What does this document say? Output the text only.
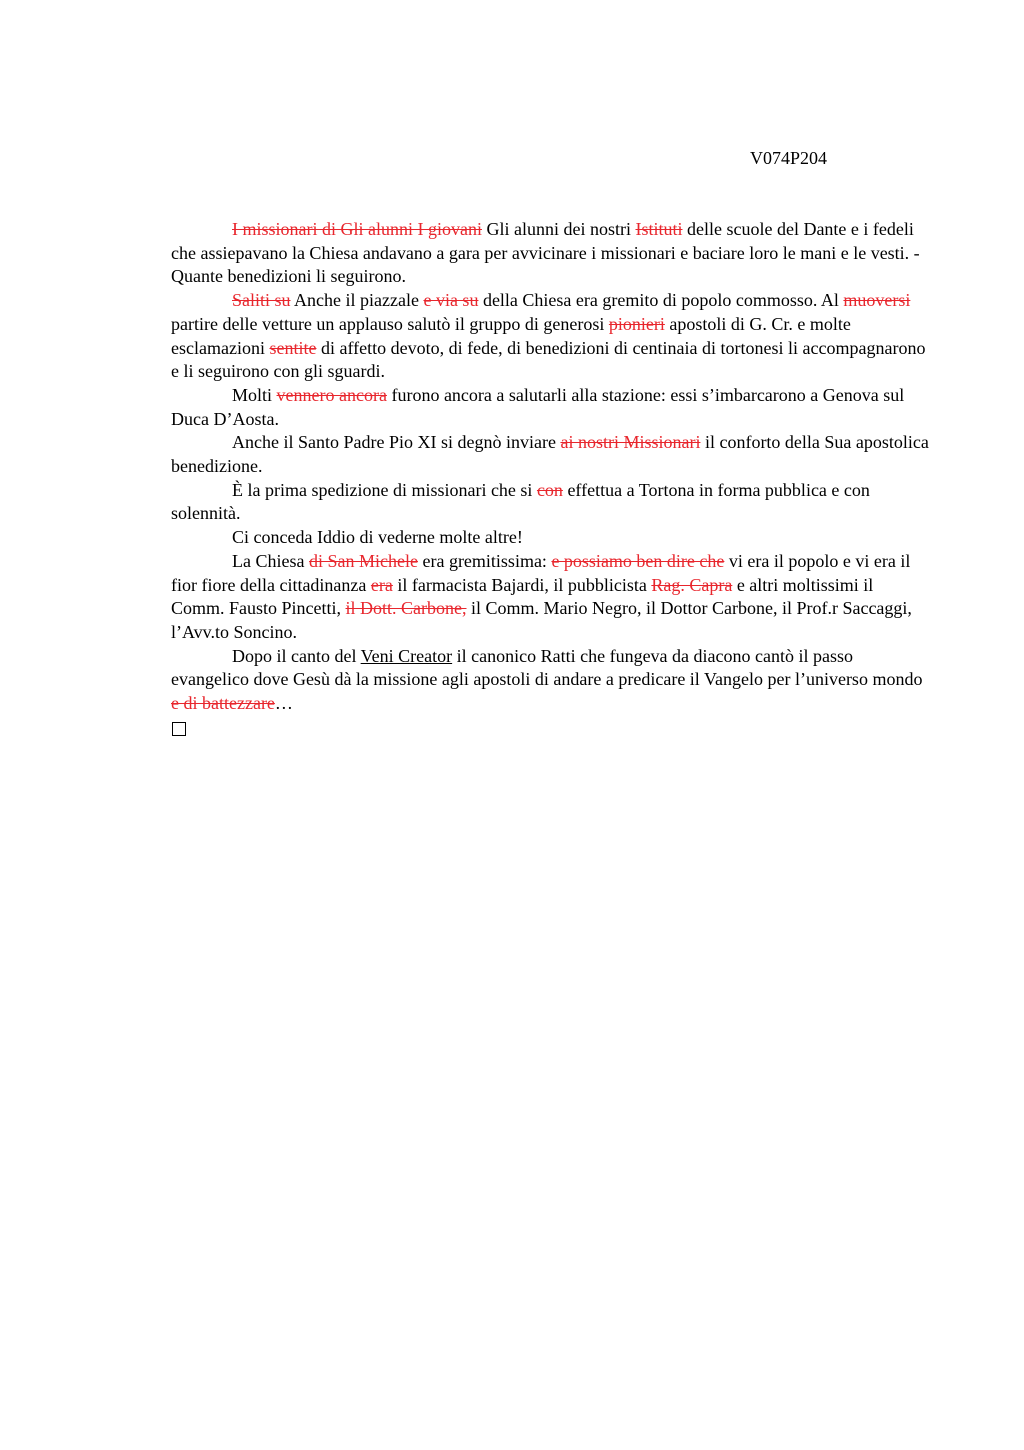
V074P204

I missionari di Gli alunni I giovani Gli alunni dei nostri Istituti delle scuole del Dante e i fedeli che assiepavano la Chiesa andavano a gara per avvicinare i missionari e baciare loro le mani e le vesti. - Quante benedizioni li seguirono.

Saliti su Anche il piazzale e via su della Chiesa era gremito di popolo commosso. Al muoversi partire delle vetture un applauso salutò il gruppo di generosi pionieri apostoli di G. Cr. e molte esclamazioni sentite di affetto devoto, di fede, di benedizioni di centinaia di tortonesi li accompagnarono e li seguirono con gli sguardi.

Molti vennero ancora furono ancora a salutarli alla stazione: essi s’imbarcarono a Genova sul Duca D’Aosta.

Anche il Santo Padre Pio XI si degnò inviare ai nostri Missionari il conforto della Sua apostolica benedizione.

È la prima spedizione di missionari che si con effettua a Tortona in forma pubblica e con solennità.

Ci conceda Iddio di vederne molte altre!

La Chiesa di San Michele era gremitissima: e possiamo ben dire che vi era il popolo e vi era il fior fiore della cittadinanza era il farmacista Bajardi, il pubblicista Rag. Capra e altri moltissimi il Comm. Fausto Pincetti, il Dott. Carbone, il Comm. Mario Negro, il Dottor Carbone, il Prof.r Saccaggi, l’Avv.to Soncino.

Dopo il canto del Veni Creator il canonico Ratti che fungeva da diacono cantò il passo evangelico dove Gesù dà la missione agli apostoli di andare a predicare il Vangelo per l’universo mondo e di battezzare…
